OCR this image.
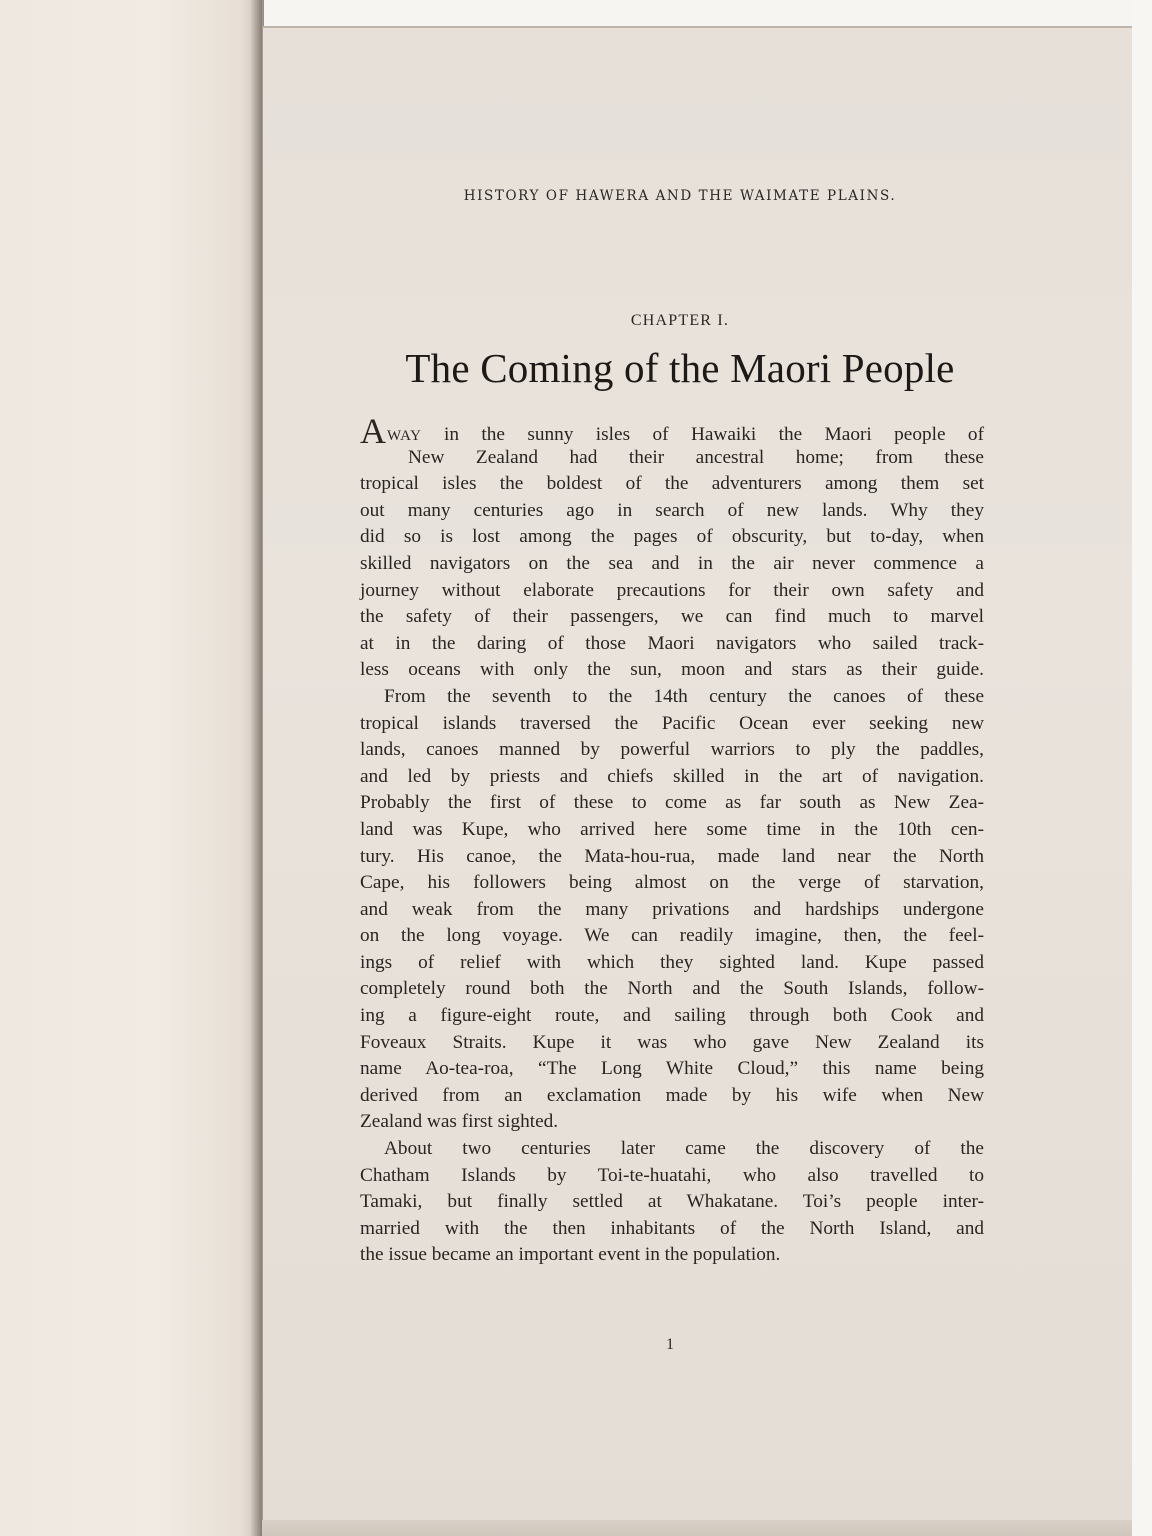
HISTORY OF HAWERA AND THE WAIMATE PLAINS.
CHAPTER I.
The Coming of the Maori People
AWAY in the sunny isles of Hawaiki the Maori people of
New Zealand had their ancestral home; from these
tropical isles the boldest of the adventurers among them set
out many centuries ago in search of new lands. Why they
did so is lost among the pages of obscurity, but to-day, when
skilled navigators on the sea and in the air never commence a
journey without elaborate precautions for their own safety and
the safety of their passengers, we can find much to marvel
at in the daring of those Maori navigators who sailed track-
less oceans with only the sun, moon and stars as their guide.
From the seventh to the 14th century the canoes of these
tropical islands traversed the Pacific Ocean ever seeking new
lands, canoes manned by powerful warriors to ply the paddles,
and led by priests and chiefs skilled in the art of navigation.
Probably the first of these to come as far south as New Zea-
land was Kupe, who arrived here some time in the 10th cen-
tury. His canoe, the Mata-hou-rua, made land near the North
Cape, his followers being almost on the verge of starvation,
and weak from the many privations and hardships undergone
on the long voyage. We can readily imagine, then, the feel-
ings of relief with which they sighted land. Kupe passed
completely round both the North and the South Islands, follow-
ing a figure-eight route, and sailing through both Cook and
Foveaux Straits. Kupe it was who gave New Zealand its
name Ao-tea-roa, “The Long White Cloud,” this name being
derived from an exclamation made by his wife when New
Zealand was first sighted.
About two centuries later came the discovery of the
Chatham Islands by Toi-te-huatahi, who also travelled to
Tamaki, but finally settled at Whakatane. Toi’s people inter-
married with the then inhabitants of the North Island, and
the issue became an important event in the population.
1
